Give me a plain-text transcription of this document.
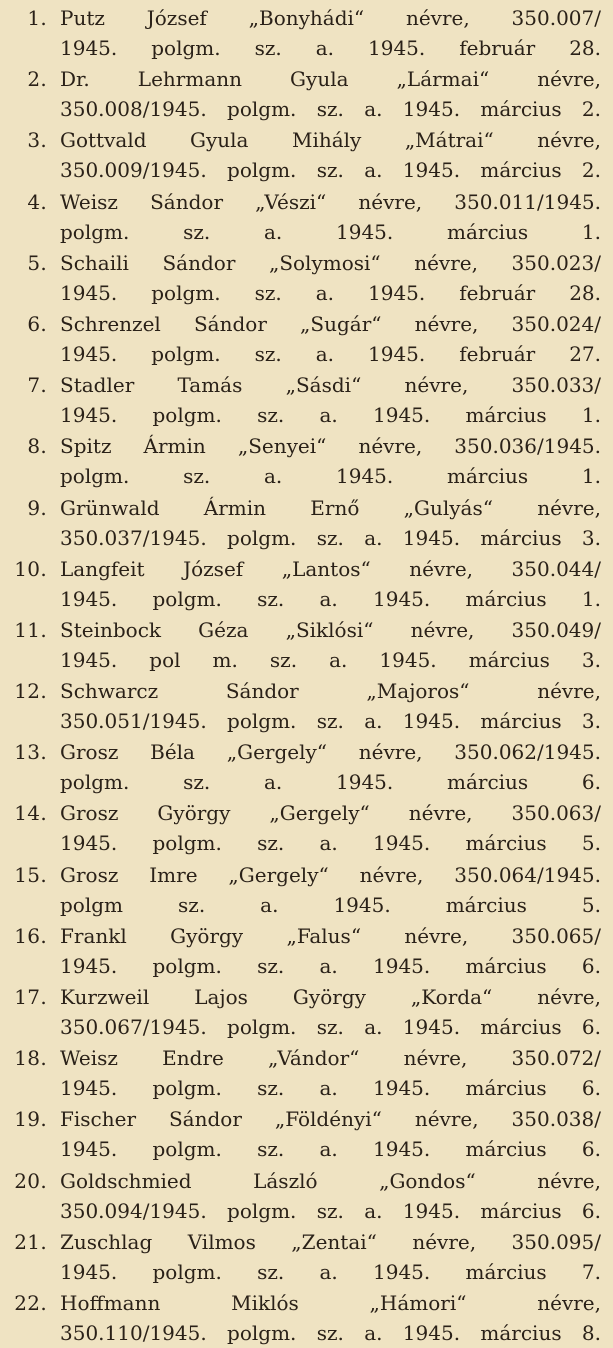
1. Putz József „Bonyhádi“ névre, 350.007/
1945. polgm. sz. a. 1945. február 28.
2. Dr. Lehrmann Gyula „Lármai“ névre,
350.008/1945. polgm. sz. a. 1945. március 2.
3. Gottvald Gyula Mihály „Mátrai“ névre,
350.009/1945. polgm. sz. a. 1945. március 2.
4. Weisz Sándor „Vészi“ névre, 350.011/1945.
polgm. sz. a. 1945. március 1.
5. Schaili Sándor „Solymosi“ névre, 350.023/
1945. polgm. sz. a. 1945. február 28.
6. Schrenzel Sándor „Sugár“ névre, 350.024/
1945. polgm. sz. a. 1945. február 27.
7. Stadler Tamás „Sásdi“ névre, 350.033/
1945. polgm. sz. a. 1945. március 1.
8. Spitz Ármin „Senyei“ névre, 350.036/1945.
polgm. sz. a. 1945. március 1.
9. Grünwald Ármin Ernő „Gulyás“ névre,
350.037/1945. polgm. sz. a. 1945. március 3.
10. Langfeit József „Lantos“ névre, 350.044/
1945. polgm. sz. a. 1945. március 1.
11. Steinbock Géza „Siklósi“ névre, 350.049/
1945. pol m. sz. a. 1945. március 3.
12. Schwarcz Sándor „Majoros“ névre,
350.051/1945. polgm. sz. a. 1945. március 3.
13. Grosz Béla „Gergely“ névre, 350.062/1945.
polgm. sz. a. 1945. március 6.
14. Grosz György „Gergely“ névre, 350.063/
1945. polgm. sz. a. 1945. március 5.
15. Grosz Imre „Gergely“ névre, 350.064/1945.
polgm sz. a. 1945. március 5.
16. Frankl György „Falus“ névre, 350.065/
1945. polgm. sz. a. 1945. március 6.
17. Kurzweil Lajos György „Korda“ névre,
350.067/1945. polgm. sz. a. 1945. március 6.
18. Weisz Endre „Vándor“ névre, 350.072/
1945. polgm. sz. a. 1945. március 6.
19. Fischer Sándor „Földényi“ névre, 350.038/
1945. polgm. sz. a. 1945. március 6.
20. Goldschmied László „Gondos“ névre,
350.094/1945. polgm. sz. a. 1945. március 6.
21. Zuschlag Vilmos „Zentai“ névre, 350.095/
1945. polgm. sz. a. 1945. március 7.
22. Hoffmann Miklós „Hámori“ névre,
350.110/1945. polgm. sz. a. 1945. március 8.
